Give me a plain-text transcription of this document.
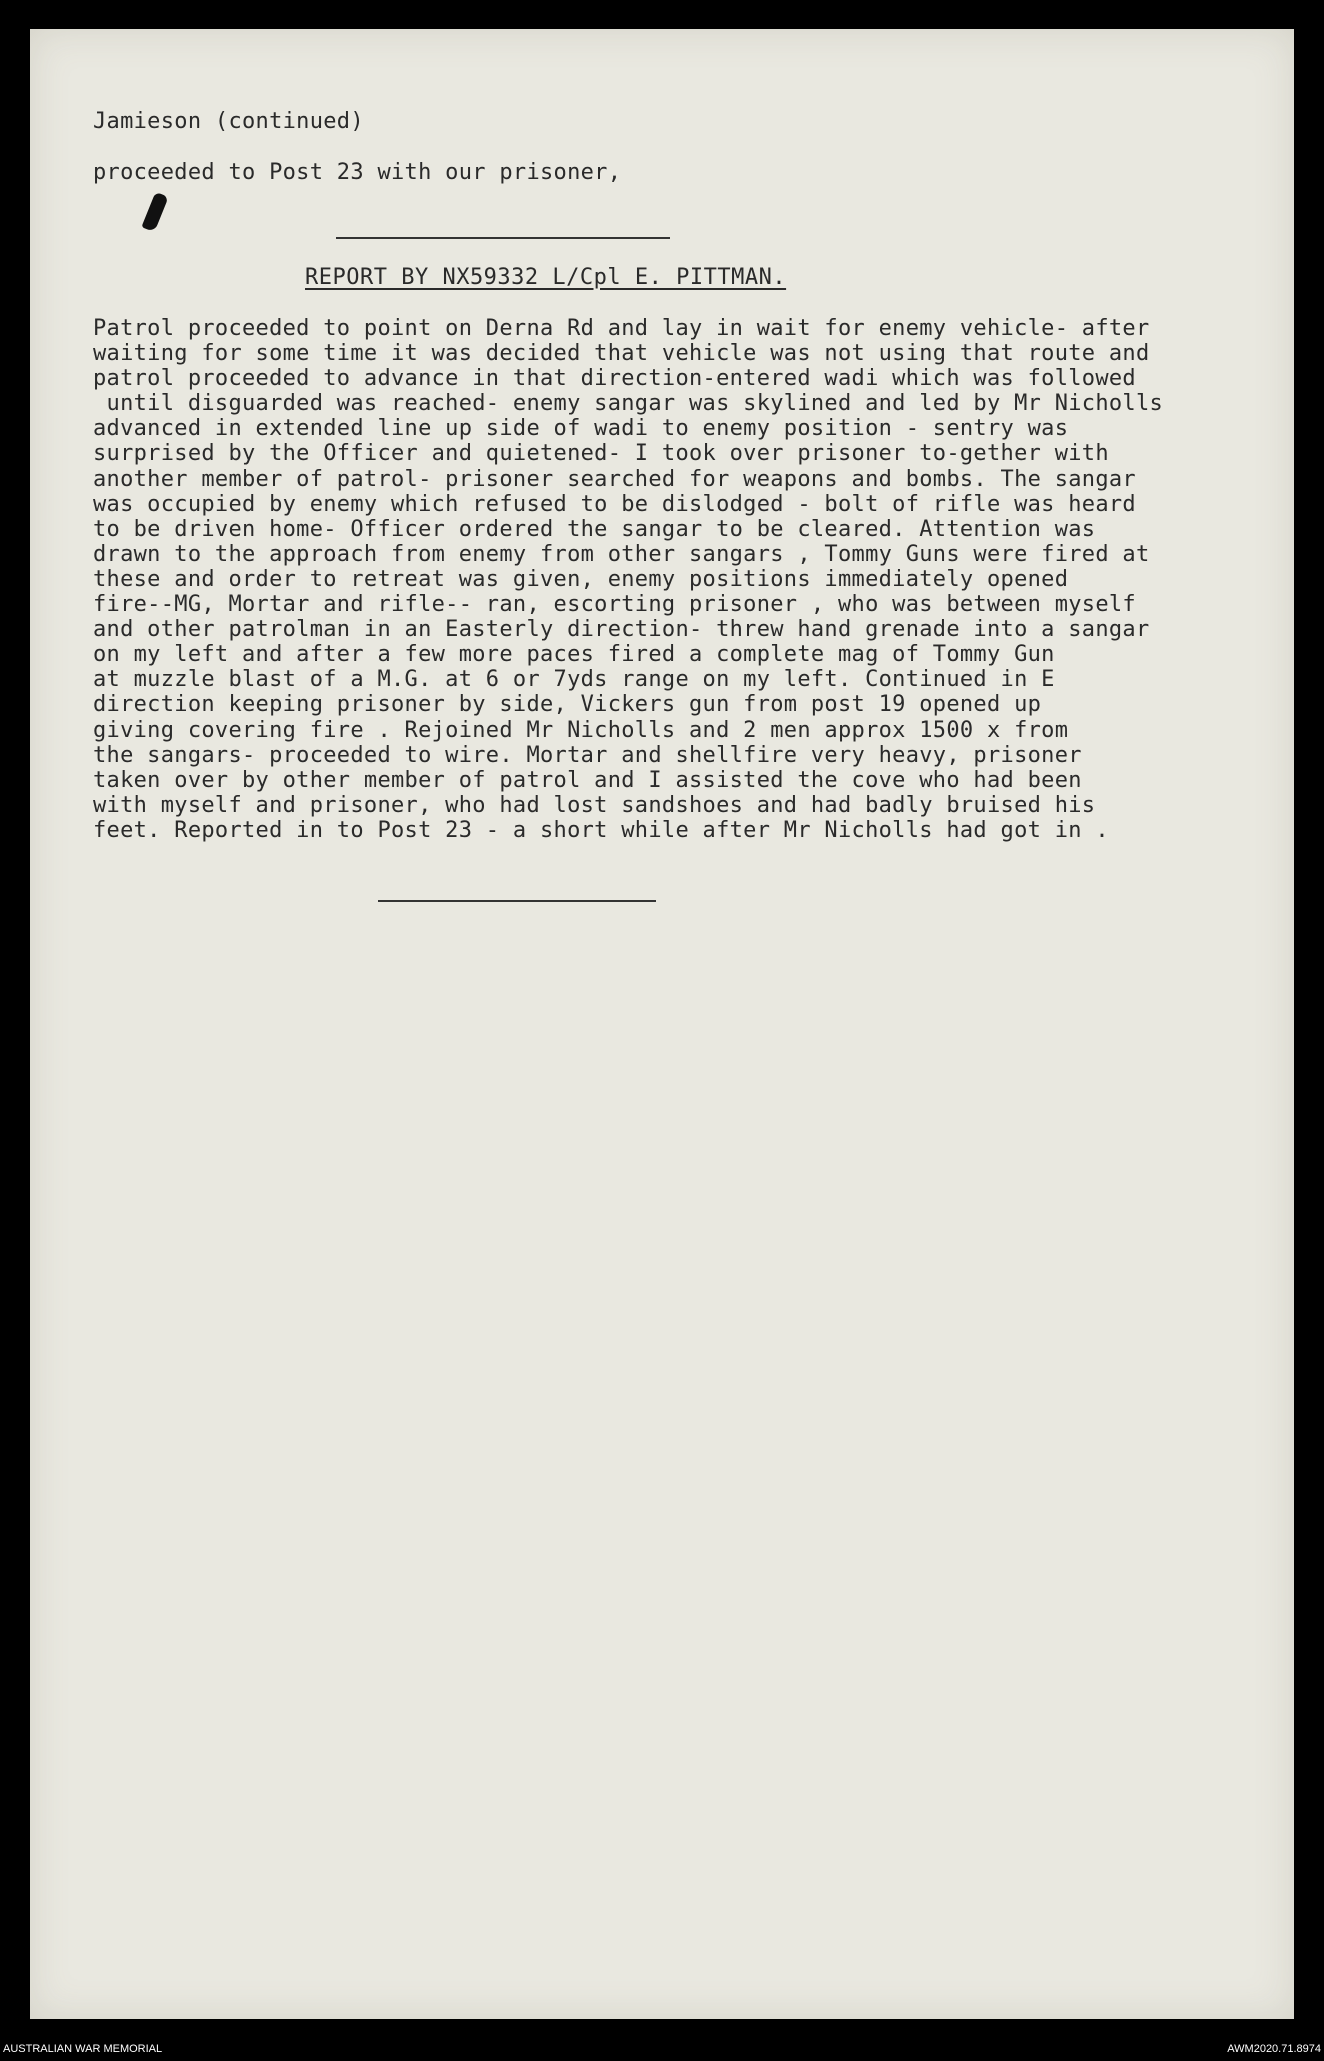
Jamieson (continued)

proceeded to Post 23 with our prisoner,

REPORT BY NX59332 L/Cpl E. PITTMAN.

Patrol proceeded to point on Derna Rd and lay in wait for enemy vehicle- after
waiting for some time it was decided that vehicle was not using that route and
patrol proceeded to advance in that direction-entered wadi which was followed
until disguarded was reached- enemy sangar was skylined and led by Mr Nicholls
advanced in extended line up side of wadi to enemy position - sentry was
surprised by the Officer and quietened- I took over prisoner to-gether with
another member of patrol- prisoner searched for weapons and bombs. The sangar
was occupied by enemy which refused to be dislodged - bolt of rifle was heard
to be driven home- Officer ordered the sangar to be cleared. Attention was
drawn to the approach from enemy from other sangars , Tommy Guns were fired at
these and order to retreat was given, enemy positions immediately opened
fire--MG, Mortar and rifle-- ran, escorting prisoner , who was between myself
and other patrolman in an Easterly direction- threw hand grenade into a sangar
on my left and after a few more paces fired a complete mag of Tommy Gun
at muzzle blast of a M.G. at 6 or 7yds range on my left. Continued in E
direction keeping prisoner by side, Vickers gun from post 19 opened up
giving covering fire . Rejoined Mr Nicholls and 2 men approx 1500 x from
the sangars- proceeded to wire. Mortar and shellfire very heavy, prisoner
taken over by other member of patrol and I assisted the cove who had been
with myself and prisoner, who had lost sandshoes and had badly bruised his
feet. Reported in to Post 23 - a short while after Mr Nicholls had got in .
AUSTRALIAN WAR MEMORIAL	AWM2020.71.8974
